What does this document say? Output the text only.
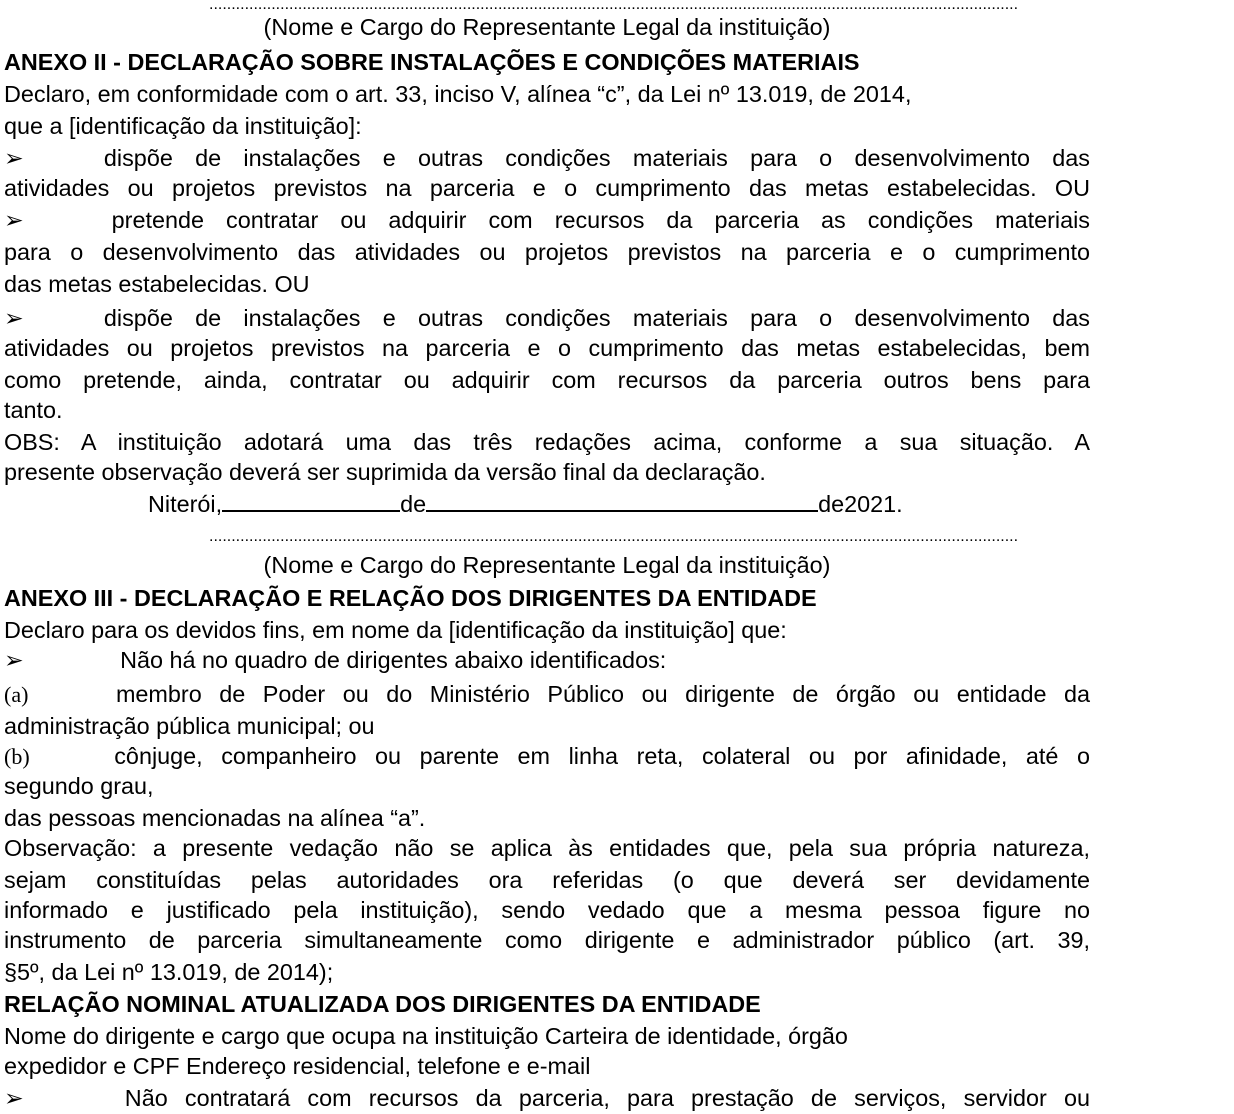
......................................................................................................................................................................................
(Nome e Cargo do Representante Legal da instituição)
ANEXO II - DECLARAÇÃO SOBRE INSTALAÇÕES E CONDIÇÕES MATERIAIS
Declaro, em conformidade com o art. 33, inciso V, alínea “c”, da Lei nº 13.019, de 2014,
que a [identificação da instituição]:
➢	dispõe de instalações e outras condições materiais para o desenvolvimento das
atividades ou projetos previstos na parceria e o cumprimento das metas estabelecidas. OU
➢	pretende contratar ou adquirir com recursos da parceria as condições materiais
para o desenvolvimento das atividades ou projetos previstos na parceria e o cumprimento
das metas estabelecidas. OU
➢	dispõe de instalações e outras condições materiais para o desenvolvimento das
atividades ou projetos previstos na parceria e o cumprimento das metas estabelecidas, bem
como pretende, ainda, contratar ou adquirir com recursos da parceria outros bens para
tanto.
OBS: A instituição adotará uma das três redações acima, conforme a sua situação. A
presente observação deverá ser suprimida da versão final da declaração.
Niterói,	de	de2021.
......................................................................................................................................................................................
(Nome e Cargo do Representante Legal da instituição)
ANEXO III - DECLARAÇÃO E RELAÇÃO DOS DIRIGENTES DA ENTIDADE
Declaro para os devidos fins, em nome da [identificação da instituição] que:
➢	Não há no quadro de dirigentes abaixo identificados:
(a)	membro de Poder ou do Ministério Público ou dirigente de órgão ou entidade da
administração pública municipal; ou
(b)	cônjuge, companheiro ou parente em linha reta, colateral ou por afinidade, até o
segundo grau,
das pessoas mencionadas na alínea “a”.
Observação: a presente vedação não se aplica às entidades que, pela sua própria natureza,
sejam constituídas pelas autoridades ora referidas (o que deverá ser devidamente
informado e justificado pela instituição), sendo vedado que a mesma pessoa figure no
instrumento de parceria simultaneamente como dirigente e administrador público (art. 39,
§5º, da Lei nº 13.019, de 2014);
RELAÇÃO NOMINAL ATUALIZADA DOS DIRIGENTES DA ENTIDADE
Nome do dirigente e cargo que ocupa na instituição Carteira de identidade, órgão
expedidor e CPF Endereço residencial, telefone e e-mail
➢	Não contratará com recursos da parceria, para prestação de serviços, servidor ou
